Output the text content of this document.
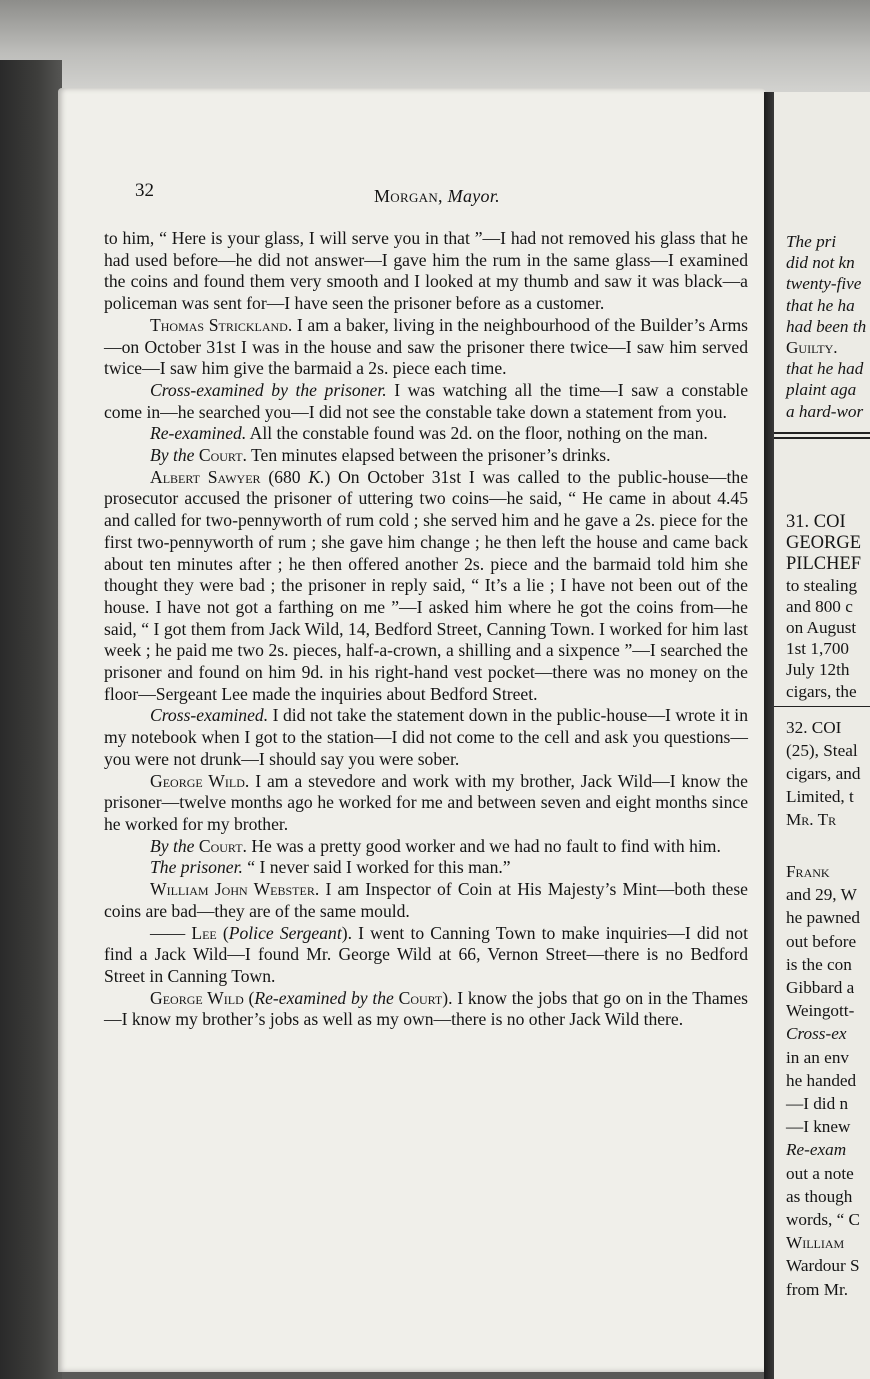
32	Morgan, Mayor.

to him, “ Here is your glass, I will serve you in that ”—I had not removed his glass that he had used before—he did not answer—I gave him the rum in the same glass—I examined the coins and found them very smooth and I looked at my thumb and saw it was black—a policeman was sent for—I have seen the prisoner before as a customer.

Thomas Strickland. I am a baker, living in the neighbourhood of the Builder’s Arms—on October 31st I was in the house and saw the prisoner there twice—I saw him served twice—I saw him give the barmaid a 2s. piece each time.

Cross-examined by the prisoner. I was watching all the time—I saw a constable come in—he searched you—I did not see the constable take down a statement from you.

Re-examined. All the constable found was 2d. on the floor, nothing on the man.

By the Court. Ten minutes elapsed between the prisoner’s drinks.

Albert Sawyer (680 K.) On October 31st I was called to the public-house—the prosecutor accused the prisoner of uttering two coins—he said, “ He came in about 4.45 and called for two-pennyworth of rum cold ; she served him and he gave a 2s. piece for the first two-pennyworth of rum ; she gave him change ; he then left the house and came back about ten minutes after ; he then offered another 2s. piece and the barmaid told him she thought they were bad ; the prisoner in reply said, “ It’s a lie ; I have not been out of the house. I have not got a farthing on me ”—I asked him where he got the coins from—he said, “ I got them from Jack Wild, 14, Bedford Street, Canning Town. I worked for him last week ; he paid me two 2s. pieces, half-a-crown, a shilling and a sixpence ”—I searched the prisoner and found on him 9d. in his right-hand vest pocket—there was no money on the floor—Sergeant Lee made the inquiries about Bedford Street.

Cross-examined. I did not take the statement down in the public-house—I wrote it in my notebook when I got to the station—I did not come to the cell and ask you questions—you were not drunk—I should say you were sober.

George Wild. I am a stevedore and work with my brother, Jack Wild—I know the prisoner—twelve months ago he worked for me and between seven and eight months since he worked for my brother.

By the Court. He was a pretty good worker and we had no fault to find with him.

The prisoner. “ I never said I worked for this man.”

William John Webster. I am Inspector of Coin at His Majesty’s Mint—both these coins are bad—they are of the same mould.

—— Lee (Police Sergeant). I went to Canning Town to make inquiries—I did not find a Jack Wild—I found Mr. George Wild at 66, Vernon Street—there is no Bedford Street in Canning Town.

George Wild (Re-examined by the Court). I know the jobs that go on in the Thames—I know my brother’s jobs as well as my own—there is no other Jack Wild there.

The pri
did not kn
twenty-five
that he ha
had been th
Guilty.
that he had
plaint aga
a hard-wor
31. COI
GEORGE
PILCHEF
to stealing
and 800 c
on August
1st 1,700
July 12th
cigars, the
32. COI
(25), Steal
cigars, and
Limited, t
Mr. Tr
Frank
and 29, W
he pawned
out before
is the con
Gibbard a
Weingott-
Cross-ex
in an env
he handed
—I did n
—I knew
Re-exam
out a note
as though
words, “ C
William
Wardour S
from Mr.
